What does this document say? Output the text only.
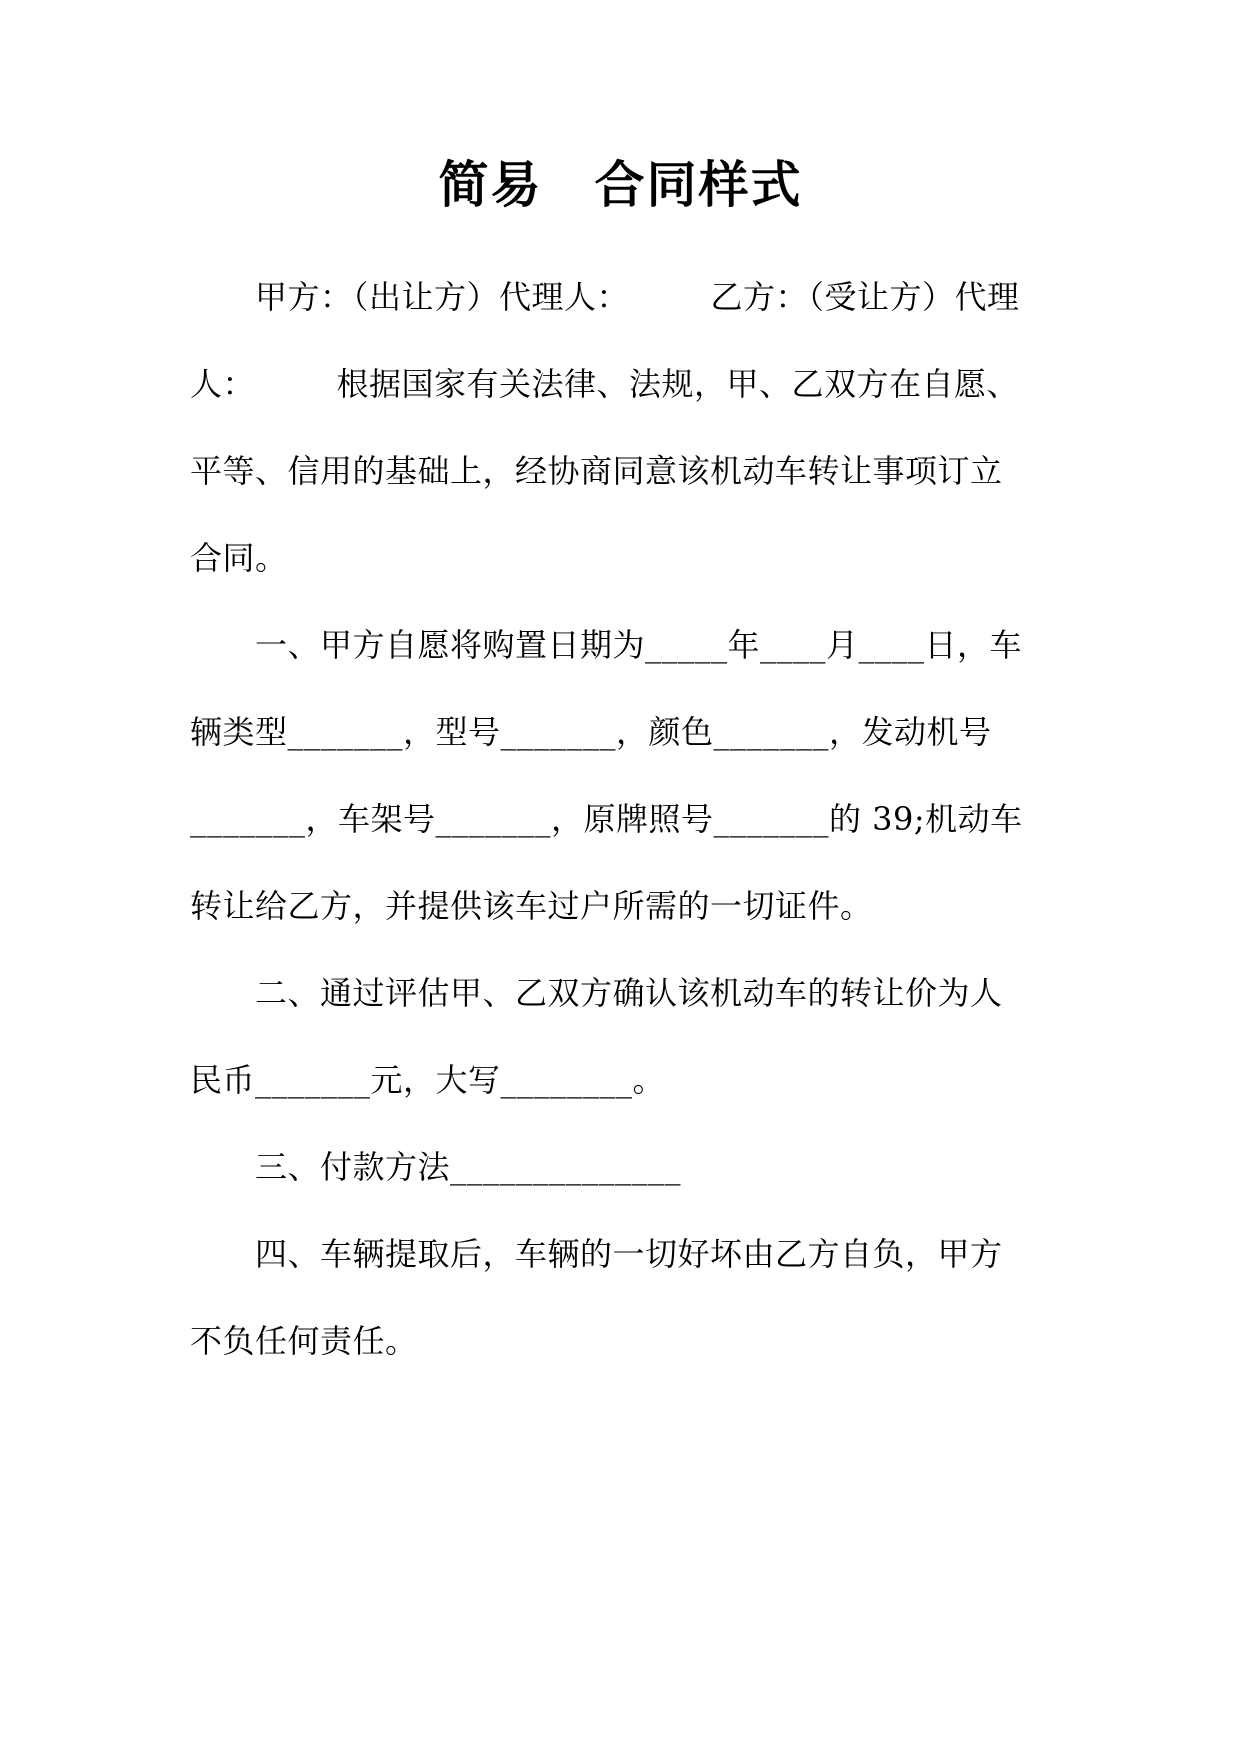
简易　合同样式
　　甲方：（出让方）代理人：　　　乙方：（受让方）代理
人：　　　根据国家有关法律、法规，甲、乙双方在自愿、
平等、信用的基础上，经协商同意该机动车转让事项订立
合同。
　　一、甲方自愿将购置日期为_____年____月____日，车
辆类型_______，型号_______，颜色_______，发动机号
_______，车架号_______，原牌照号_______的 39;机动车
转让给乙方，并提供该车过户所需的一切证件。
　　二、通过评估甲、乙双方确认该机动车的转让价为人
民币_______元，大写________。
　　三、付款方法______________
　　四、车辆提取后，车辆的一切好坏由乙方自负，甲方
不负任何责任。
